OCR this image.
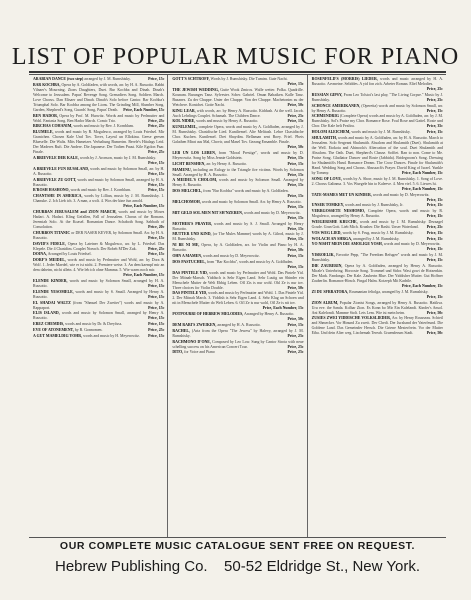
LIST OF POPULAR MUSIC FOR PIANO
ARABIAN DANCE (two step) arranged by J. M. Rumshisky.	Price, 15c
BAR KOCHBA, Opera by A. Goldfaden, with words, arr. by H. A. Russotto. Rabbi Vilnaer's Mourning. Zions Daughters, Duet. Bar Kochba and Dinah. Dinah's Welcome to Jerusalem. Papus' Revenge Song. Grenadiers Song. Soldiers March. Love Chorus. Dan Elisaer and Dinah. Dinah's Solo before Cantor. Bar Kochba's Triumphal Solo. Bar Kochba among the Lions. The Grinding Mill, Slumber Song. Garden, Shepherd's Song, Guards' Song, Papus' Death. Price, Each Number, 15c
BEN HADOR, Opera by Prof. M. Hurwitz. Words and music by Perlmutter and Wohl. Fantasia Song. Ben Hador March. Comic Trio.	Price, 25c
BIRCHAS COHANIM, words and music by Rev. J. Kornblum.	Price, 25c
BLUMELE, words and music by R. Mogulesco, arranged by Louis Friedsel. Mir Granichen. Chosen Kale Und Tov. Tover, Layeal un Ellokinu. Geese geesen Blueselle. Die Walts. Mits Hametzer. Verbaltung Bumerim. Berele's Hitalags Leid. Der Maderes Ruft. Die Andere. Die Japanese. Der Todten Paust. Kile Egolon Paar. Finale.	Price, 25c
A BRIEVELE DER KALE, words by J. Aronson, music by J. M. Rumshisky.
Price, 15c
A BRIEVELE FUN RUSSLAND, words and music by Solomon Small, arr. by H. A. Russotto.	Price, 15c
A BRIEVELE ZU GOTT, words and music by Solomon Small, arranged by H. A. Russotto.	Price, 15c
B'ROSH HASHONO, words and music by Rev. J. Kornblum.	Price, 15c
CHANTSHE IN AMERICA, words by Lillian, music by J. M. Rumshisky. 1. Chanuke. 2. Ich Lieb ich. 3. A man, a wolt. 4. Wos der kine fun arnold.
Price, Each Number, 15c
CHURBAN JERUSALEM and ZION MARCH, words and music by Moses Hadari. A. Hadari. Kling Gefallen, Fall of Jerusalem. Chorus of the Romans. Jeremiah Solo. At the Koasel. Romanian Dance. Schaboth Song. Sabbath of Consolation.	Price, 20c
CHURBON TITANIC or DER NASER KEVER, by Solomon Small. Arr. by H. A. Russotto.	Price, 15c
DAVID'S FIDELE, Opera by Lateiner & Mogulesco, arr. by L. Friedsel. Das Klepele. Die 4 Chasidim. Couplet Noeach. Der Robeh M'Der Zuk.	Price, 25c
DOINA, Arranged by Louis Friedsel.	Price, 15c
DORF'S MEIDEL, words and music by Perlmutter and Wohl, arr. by Dora & Wolf. 1. Jeder Maedel, wie er ist nicht. 2. Premiere weise. 3. An dem kaempf mir an dem daheim, nicht allein. 4. Wie leb ich ohne Mamma. 5. Wie warm noch mir.
Price, Each Number, 15c
ELENDE KINDER, words and music by Solomon Small, arranged by H. A. Russotto.	Price, 15c
ELENDE YESOMELE, words and music by S. Small. Arranged by Henry A. Russotto.	Price, 15c
EL SHADAI WALTZ (from "Shmuel Der Zweiter") words and music by A. Rappaport.	Price, 15c
ELIS ISLAND, words and music by Solomon Small, arranged by Henry A. Russotto.	Price, 15c
EREZ CHEMDIS, words and music by Dr. & Dreyfuss.	Price, 15c
EVE OF ATONEMENT, by B. Gonnomen.	Price, 25c
A GUT MAMELDIG YOHR, words and music by H. Meyerowitz. Price, 15c
GOTT'S SCHTROFF, Words by J. Rumshisky. Die Tumim. Gute Nacht.
Price, 15c
THE JEWISH WEDDING, Gutte Wook Zmiros. Walle wetter. Polka. Quadrille. Kounam. Barunges Tanz. Sylvester. Scher. Gabriel. Oman Babaiken. Kalle Tanz. Bazanes. Zu der Chuppe. Unter der Chuppe. Von der Chuppe. Machetonim zu der Wetchere. Kontchet. Gotte Nacht.	Price, 50c
KING LEAR, with words, arr. by Henry A. Russotto. Kiddush. At the well. Jacob. Auch Lehrlings Couplet. Schamah. The Children Dance.	Price, 25c
KOL NIDRE, words and music by Henry A. Russotto.	Price, 15c
KUNILEMEL, complete Opera, words and music by A. Goldfaden, arranged by J. M. Rumshisky. Chasidische Lied. Kuniliemel. Alte Melitash. Lebre Chasidische Chor. Kuchen. Kunilemel. Drei Shaydim. Bellaman sent Roey. Friel. Pheis Galathen Mirat aus Mal, Chovir, und Masel Tov. Gezang Ensamble. Finale.
Price, 50c
LEB UN LOS LEBEN, from "Moral Prestige", words and music by D. Meyerowitz. Song by Miss Jennie Goldstein.	Price, 15c
LICHT BENSHEN, arr. by Henry A. Russotto.	Price, 15c
MAMENU, including an Eulogy to the Triangle fire victims. Words by Solomon Small. Arranged by H. A. Russotto.	Price, 15c
A MEIDEL'S CHOLOM, words and music by Solomon Small. Arranged by Henry A. Russotto.	Price, 15c
DOS MELCHEL, from "Bar Kochba" words and music by A. Goldfaden.
Price, 15c
MELCHOMOH, words and music by Solomon Small. Arr. by Henry A. Russotto.
Price, 15c
MIT GELD SOL MEN NIT SH'NZEREN, words and music by D. Meyerowitz.
Price, 15c
MOTHER'S PRAYER, words and music by S. J. Small. Arranged by Henry Russotto.	Price, 15c
MUTTER UND KIND, (or The Mules Mamme) words by A. Gilrod, music by J. M. Rumshisky.	Price, 15c
NI BE NI ME, Opera, by A. Goldfaden, arr. for Violin and Piano by H. A. Russotto.	Price, 50c
OHN A MAMEN, words and music by D. Meyerowitz.	Price, 15c
DOS PASTUCHEL, from "Bar Kochba", words and music by A. Goldfaden.
Price, 15c
DAS PINTELE YID, words and music by Perlmutter and Wohl. Das Pintele Yid. Der Mitnah-Marsch. Yiddisch is Sehr Eigen Land. Sehr Lustig un Shinder ein Menschele Mutter de Welt Ebbig Leben. Ofl Zis is nur wohl. Ohl Ze is nur tov. Three choices for Violin Double.	Price, 50c
DAS PINTELE YID, words and music by Perlmutter and Wohl. 1. Das Pintele Yid. 2. Der Mitnah March. 3. Yiddish is Sehr Eigen Land. 4. Sehr Klug un Schoen und nit in Menschele Mutter do Welt Leben. 6. Ofl Ze is nur wohl, Ofl Ze is nit tov.
Price, Each Number, 15c
POTPOURRI OF HEBREW MELODIES, Arranged by Henry A. Russotto.
Price, 50c
DEM RABI'S ZWEIKEN, arranged by H. A. Russotto.	Price, 15c
RACHEL, (Aria from the Opera "The Jewess" by Halevy, arranged by J. M. Rumshisky.	Price, 25c
RACHMONO D'ONE, Composed by Leo Low. Sung by Cantor Sirota with neue schelling success on his American Concert Tour.	Price, 25c
DITO, for Voice and Piano	Price, 25c
ROSENFELD'S (MORRIS) LIEDER, words and music arranged by H. A. Russotto. Arvmeine. Seliddes. A yid fon zich. Arbeter Roman. Eliel Melodies.
Price, 25c
RUSSIAN GIPSY, From Leo Tolstoi's last play, "The Living Corpse." Music by J. Rumshisky.	Price, 25c
SCHONCE AMERIKANEN, (Operetta) words and music by Solomon Small, arr. by Henry A. Russotto.	Price, 15c
SCHMENDRIG (Complete Opera) words and music by A. Goldfaden, arr. by J. M. Rumshisky. Sol's Praise my Chor. Romance Rose. Foul Rose and Gattel. Rosie und Chor. Die Kale helt Fealtra.	Price, 35c
HOLOM ALEICHEM, words and music by J. M. Rumshisky.	Price, 15c
SHULAMITH, words and music by A. Goldfaden, arr. by H. A. Russotto. March to Jerusalem. Solo Sergeant Shulamith. Absalom and Shulamith (Duet). Shulamith at the Well. Etokoia and Abinoola's Altercation of the soul. Duet Shulamith and Absalom. The Oath. Duet, Shepherd's Chasse. Soffiet. Ran to non. Come to Me. Praise Song. Gladiator Dancer und Rosie (Jabbida). Bridegroom's Song. Dressing for Shulamith's Hand. Romance Dream. The Crow Dances. Finale for Shulamith's Hand. Wedding Song and Chorus. Abussach's Prayer. David King of Israel. Yunkle by Tommy.	Price, Each Number, 15c
SONG OF LOVE, words by A. Shorr, music by J. M. Rumshisky. 1. Song of Love. 2. Chorus Galinma. 3. Vos Wuegele bin to Kaleeve. 4. Men viel. 5. 6. Liewes hi.
Price, Each Number, 15c
TATE-MAMES MET UN KINDER, words and music by D. Meyerowitz.
Price, 15c
UNSER TOMKEY, words and music by J. Rumshisky, Jr.	Price, 15c
VERRGOSSETE NESHOMO, Complete Opera, words and music by R. Mogulesco, arranged by Henry A. Russotto.	Price, 15c
WEIGERISHE KRUCHE, words and music by J. M. Rumshisky. Dezaagel Gcude. Gran Gott. Lieb Mich. Kruzher. Die Rashi. Unser Waterland. Price, 25c
VOS WEG LIED, words by S. Frug, music by J. M. Rumshisky.	Price, 15c
WOLACH AN SHRGA, arranged by J. M. Rumshisky.	Price, 15c
YO NISHT MEIN DIE AMOLIGE YOSH, words and music by D. Meyerowitz.
Price, 15c
YISROELIK, Favorite Pepp, "The Freedom Refugee" words and music by J. M. Rumshisky.	Price, 15c
DIE ZAUBERIN, Opera by A. Goldfaden, arranged by Henry A. Russotto. Mirale's Unterbring. Horcoste Song. Trommel und Sidor. Wasi gowt de Hotzenkin. Der Mark. Fandango. Der Kale. Zauberin Blue. Der Yiddisher Mutter. Gut Hoffner Zauberlin. Romanos-Hirsch. Fingal Halm. Kotzeph Mit Kadrile.
Price, Each Number, 15c
ZI DU SFRRATORA, Roumanian feltolga, arranged by J. M. Rumshisky.
Price, 15c
ZION ALBUM, Popular Zionist Songs, arranged by Henry A. Russotto. Hatikva. Uru eve. the Sanda. Kolbar Zion. Es Konn bo Mir Ein Kalelandi. Kinder's Ansol. Ani Kalelondi. Mamme Stolt. Lets Lem. Wie ist mein heim.	Price, 50c
ZUSIES ZWEI YIDDISCHE VOLKSLIEDER, Arr. by Henry Rousseau. Schtetl and Shmecker. Vor Hinund Zu zweit. Der Chedi. Der Jurzhand der Vaterfeund. Die Goldene Land. Das Gemeinder Hersch. Die Griene Mesterfrein. Vor der Mutter Eiba. Und dein Alter weg. Lischemah Tereah. Gruenderum Stadt.	Price, 50c
OUR COMPLETE MUSIC CATALOGUE SENT FREE ON REQUEST.
Hebrew Publishing Co. 50-52 Eldridge St., New York.
